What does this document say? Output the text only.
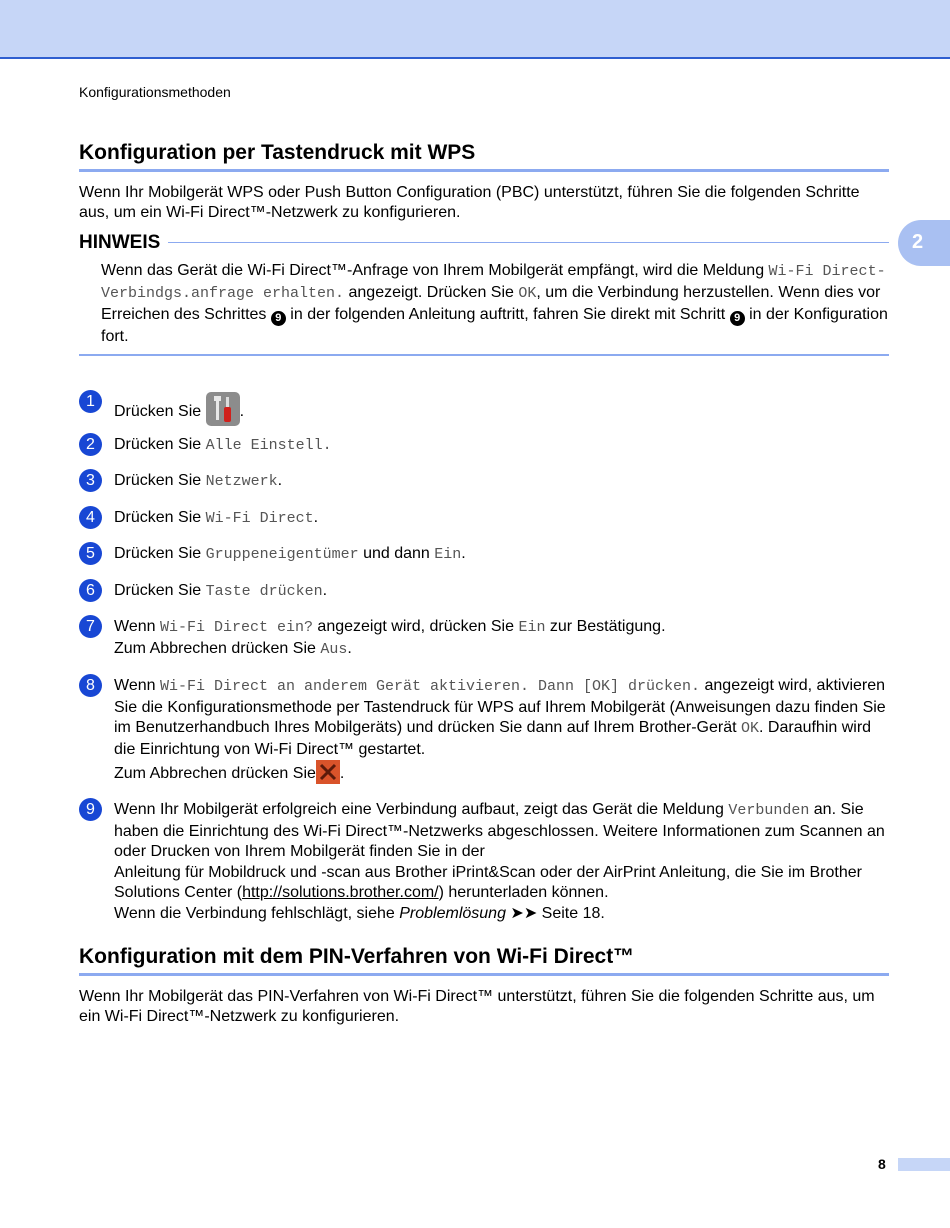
Konfigurationsmethoden
2
Konfiguration per Tastendruck mit WPS

Wenn Ihr Mobilgerät WPS oder Push Button Configuration (PBC) unterstützt, führen Sie die folgenden Schritte aus, um ein Wi-Fi Direct™-Netzwerk zu konfigurieren.

HINWEIS
Wenn das Gerät die Wi-Fi Direct™-Anfrage von Ihrem Mobilgerät empfängt, wird die Meldung Wi-Fi Direct-Verbindgs.anfrage erhalten. angezeigt. Drücken Sie OK, um die Verbindung herzustellen. Wenn dies vor Erreichen des Schrittes 9 in der folgenden Anleitung auftritt, fahren Sie direkt mit Schritt 9 in der Konfiguration fort.
1
Drücken Sie .
2	Drücken Sie Alle Einstell.
3	Drücken Sie Netzwerk.
4	Drücken Sie Wi-Fi Direct.
5	Drücken Sie Gruppeneigentümer und dann Ein.
6	Drücken Sie Taste drücken.
7	Wenn Wi-Fi Direct ein? angezeigt wird, drücken Sie Ein zur Bestätigung.
Zum Abbrechen drücken Sie Aus.
8	Wenn Wi-Fi Direct an anderem Gerät aktivieren. Dann [OK] drücken. angezeigt wird, aktivieren Sie die Konfigurationsmethode per Tastendruck für WPS auf Ihrem Mobilgerät (Anweisungen dazu finden Sie im Benutzerhandbuch Ihres Mobilgeräts) und drücken Sie dann auf Ihrem Brother-Gerät OK. Daraufhin wird die Einrichtung von Wi-Fi Direct™ gestartet.
Zum Abbrechen drücken Sie.
9	Wenn Ihr Mobilgerät erfolgreich eine Verbindung aufbaut, zeigt das Gerät die Meldung Verbunden an. Sie haben die Einrichtung des Wi-Fi Direct™-Netzwerks abgeschlossen. Weitere Informationen zum Scannen an oder Drucken von Ihrem Mobilgerät finden Sie in der
Anleitung für Mobildruck und -scan aus Brother iPrint&Scan oder der AirPrint Anleitung, die Sie im Brother Solutions Center (http://solutions.brother.com/) herunterladen können.
Wenn die Verbindung fehlschlägt, siehe Problemlösung ➤➤ Seite 18.
Konfiguration mit dem PIN-Verfahren von Wi-Fi Direct™

Wenn Ihr Mobilgerät das PIN-Verfahren von Wi-Fi Direct™ unterstützt, führen Sie die folgenden Schritte aus, um ein Wi-Fi Direct™-Netzwerk zu konfigurieren.

8
